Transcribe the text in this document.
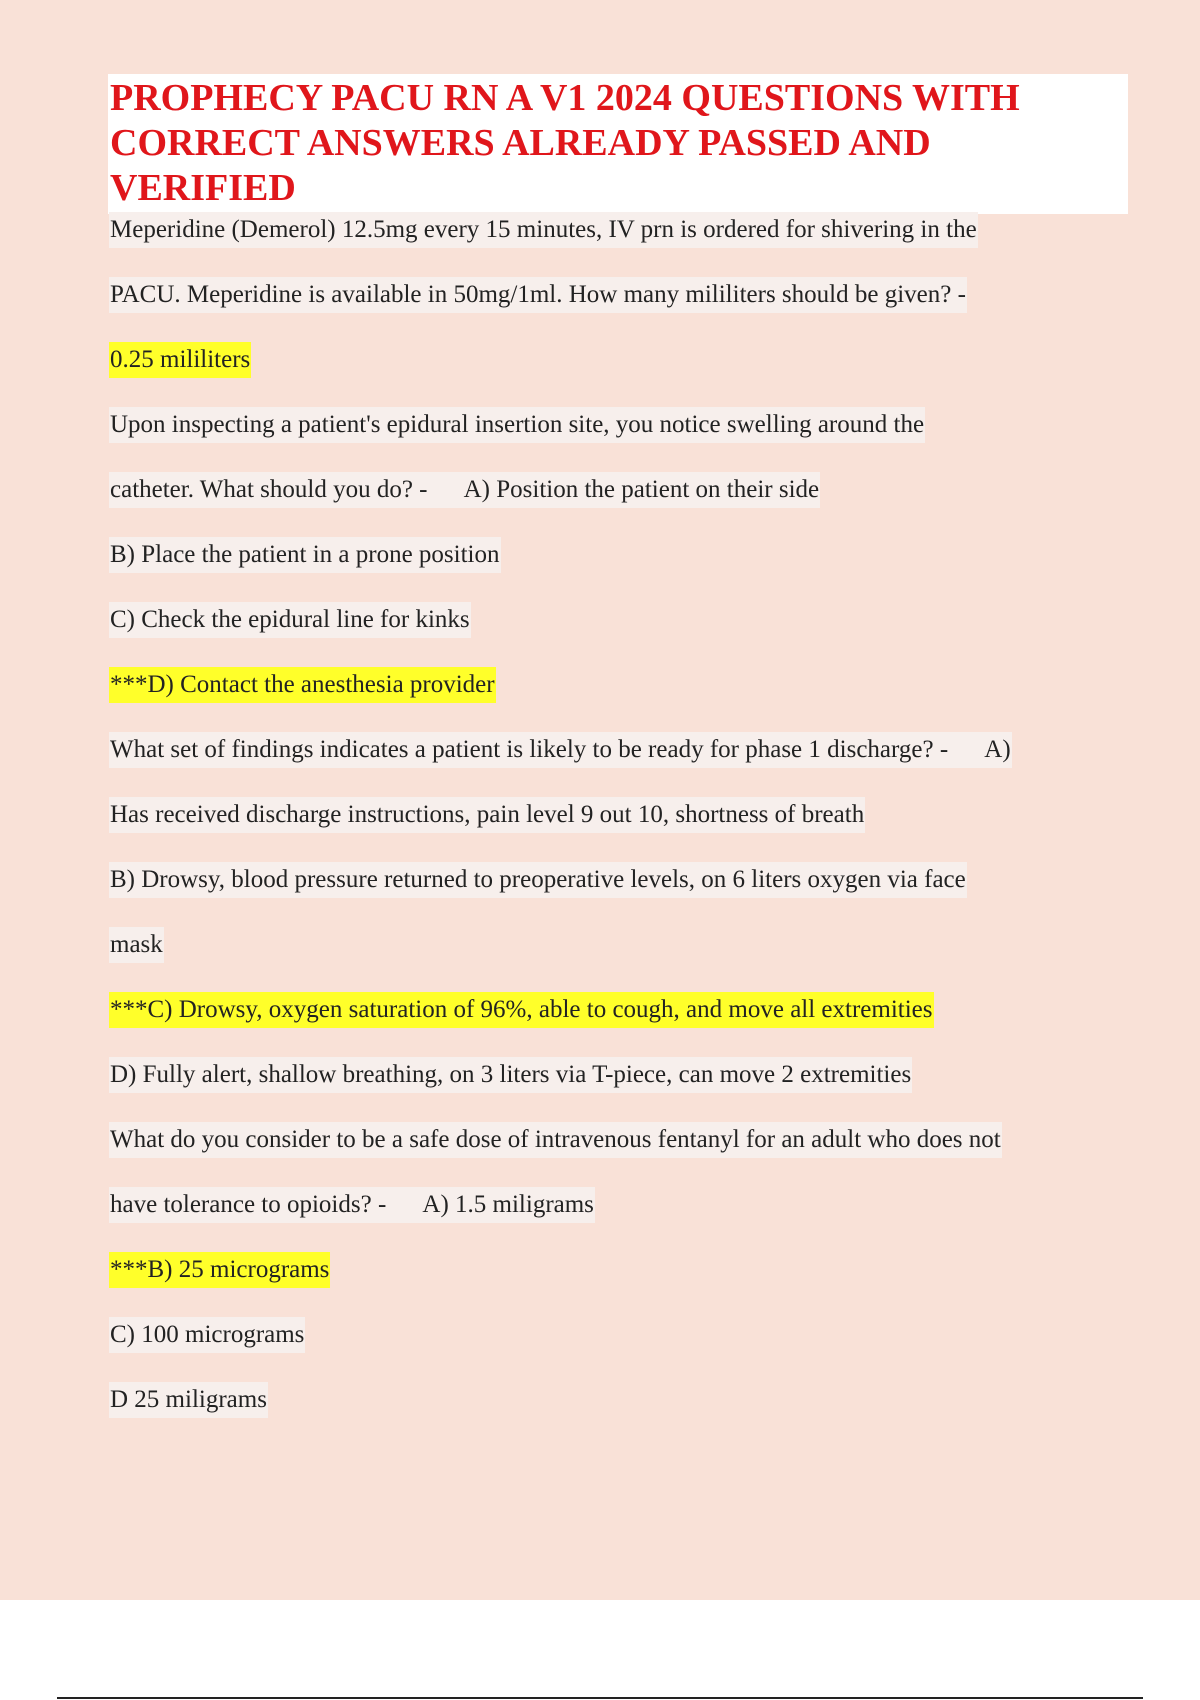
PROPHECY PACU RN A V1 2024 QUESTIONS WITH CORRECT ANSWERS ALREADY PASSED AND VERIFIED
Meperidine (Demerol) 12.5mg every 15 minutes, IV prn is ordered for shivering in the
PACU. Meperidine is available in 50mg/1ml. How many mililiters should be given? -
0.25 mililiters
Upon inspecting a patient's epidural insertion site, you notice swelling around the
catheter. What should you do? -      A) Position the patient on their side
B) Place the patient in a prone position
C) Check the epidural line for kinks
***D) Contact the anesthesia provider
What set of findings indicates a patient is likely to be ready for phase 1 discharge? -      A)
Has received discharge instructions, pain level 9 out 10, shortness of breath
B) Drowsy, blood pressure returned to preoperative levels, on 6 liters oxygen via face
mask
***C) Drowsy, oxygen saturation of 96%, able to cough, and move all extremities
D) Fully alert, shallow breathing, on 3 liters via T-piece, can move 2 extremities
What do you consider to be a safe dose of intravenous fentanyl for an adult who does not
have tolerance to opioids? -      A) 1.5 miligrams
***B) 25 micrograms
C) 100 micrograms
D 25 miligrams
